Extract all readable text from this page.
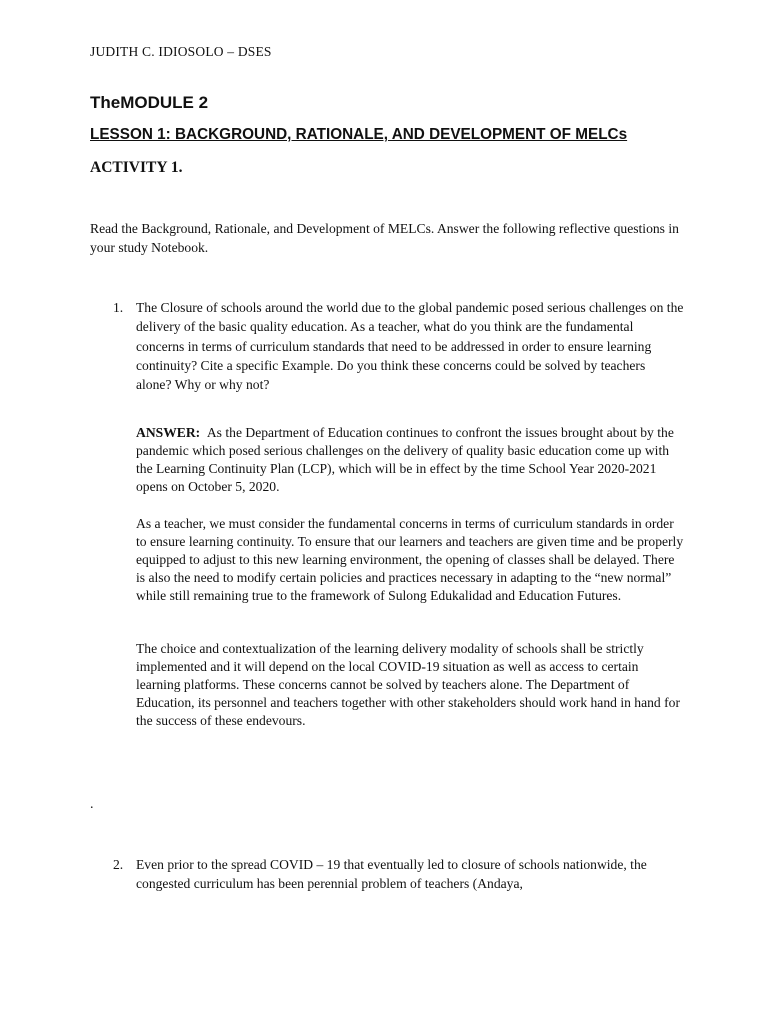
JUDITH C. IDIOSOLO – DSES

TheMODULE 2

LESSON 1: BACKGROUND, RATIONALE, AND DEVELOPMENT OF MELCs

ACTIVITY 1.

Read the Background, Rationale, and Development of MELCs. Answer the following reflective questions in your study Notebook.

1. The Closure of schools around the world due to the global pandemic posed serious challenges on the delivery of the basic quality education. As a teacher, what do you think are the fundamental concerns in terms of curriculum standards that need to be addressed in order to ensure learning continuity? Cite a specific Example. Do you think these concerns could be solved by teachers alone? Why or why not?

ANSWER: As the Department of Education continues to confront the issues brought about by the pandemic which posed serious challenges on the delivery of quality basic education come up with the Learning Continuity Plan (LCP), which will be in effect by the time School Year 2020-2021 opens on October 5, 2020.

As a teacher, we must consider the fundamental concerns in terms of curriculum standards in order to ensure learning continuity. To ensure that our learners and teachers are given time and be properly equipped to adjust to this new learning environment, the opening of classes shall be delayed. There is also the need to modify certain policies and practices necessary in adapting to the “new normal” while still remaining true to the framework of Sulong Edukalidad and Education Futures.

The choice and contextualization of the learning delivery modality of schools shall be strictly implemented and it will depend on the local COVID-19 situation as well as access to certain learning platforms. These concerns cannot be solved by teachers alone. The Department of Education, its personnel and teachers together with other stakeholders should work hand in hand for the success of these endevours.

.
2. Even prior to the spread COVID – 19 that eventually led to closure of schools nationwide, the congested curriculum has been perennial problem of teachers (Andaya,
